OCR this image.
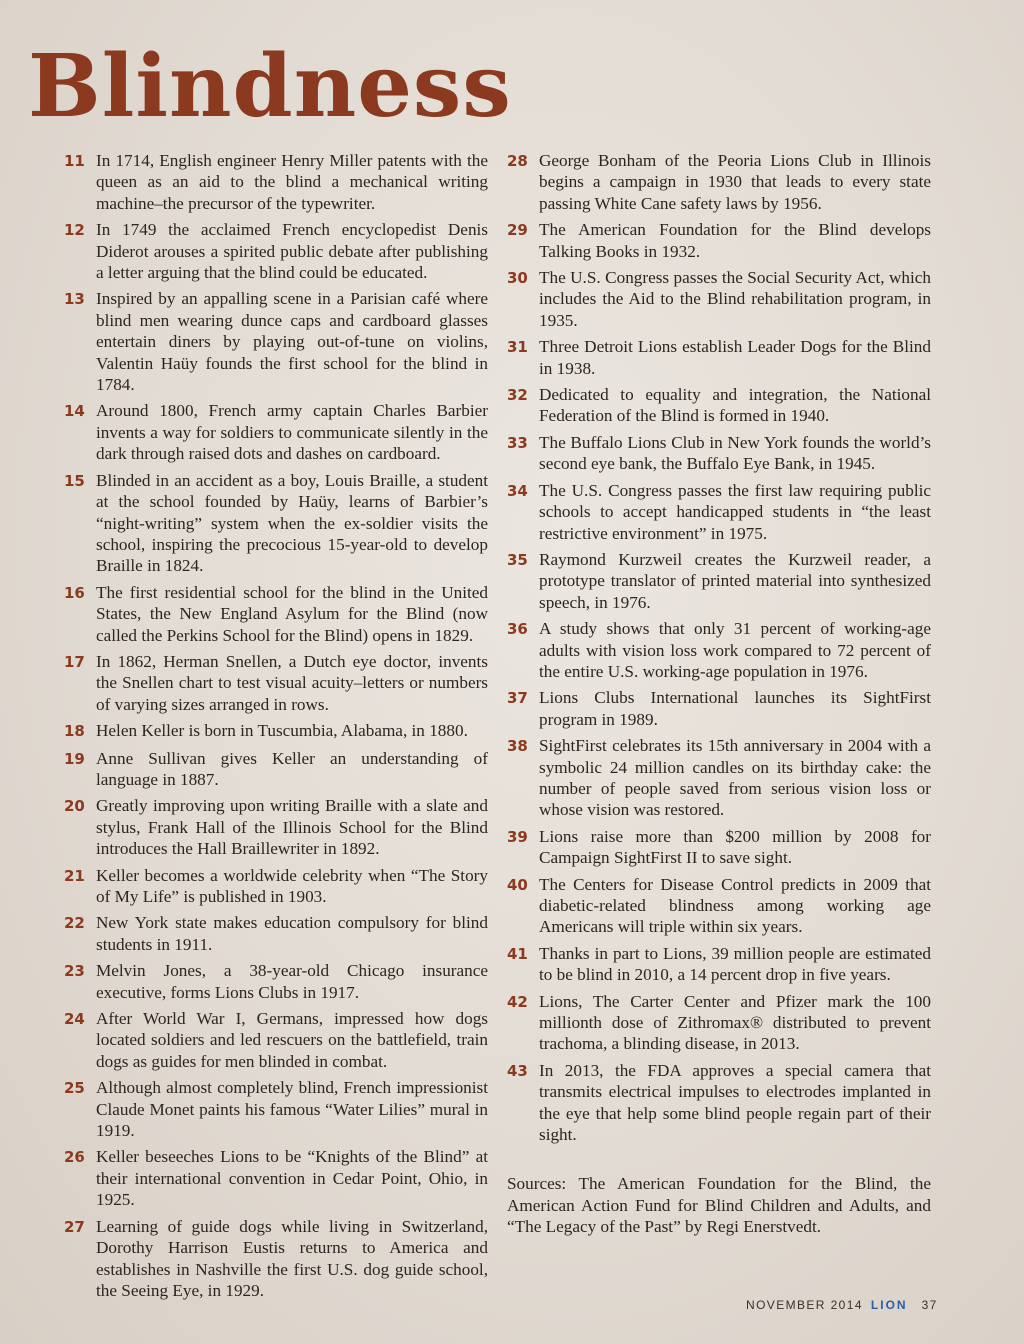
Blindness
11 In 1714, English engineer Henry Miller patents with the queen as an aid to the blind a mechanical writing machine–the precursor of the typewriter.
12 In 1749 the acclaimed French encyclopedist Denis Diderot arouses a spirited public debate after publishing a letter arguing that the blind could be educated.
13 Inspired by an appalling scene in a Parisian café where blind men wearing dunce caps and cardboard glasses entertain diners by playing out-of-tune on violins, Valentin Haüy founds the first school for the blind in 1784.
14 Around 1800, French army captain Charles Barbier invents a way for soldiers to communicate silently in the dark through raised dots and dashes on cardboard.
15 Blinded in an accident as a boy, Louis Braille, a student at the school founded by Haüy, learns of Barbier’s “night-writing” system when the ex-soldier visits the school, inspiring the precocious 15-year-old to develop Braille in 1824.
16 The first residential school for the blind in the United States, the New England Asylum for the Blind (now called the Perkins School for the Blind) opens in 1829.
17 In 1862, Herman Snellen, a Dutch eye doctor, invents the Snellen chart to test visual acuity–letters or numbers of varying sizes arranged in rows.
18 Helen Keller is born in Tuscumbia, Alabama, in 1880.
19 Anne Sullivan gives Keller an understanding of language in 1887.
20 Greatly improving upon writing Braille with a slate and stylus, Frank Hall of the Illinois School for the Blind introduces the Hall Braillewriter in 1892.
21 Keller becomes a worldwide celebrity when “The Story of My Life” is published in 1903.
22 New York state makes education compulsory for blind students in 1911.
23 Melvin Jones, a 38-year-old Chicago insurance executive, forms Lions Clubs in 1917.
24 After World War I, Germans, impressed how dogs located soldiers and led rescuers on the battlefield, train dogs as guides for men blinded in combat.
25 Although almost completely blind, French impressionist Claude Monet paints his famous “Water Lilies” mural in 1919.
26 Keller beseeches Lions to be “Knights of the Blind” at their international convention in Cedar Point, Ohio, in 1925.
27 Learning of guide dogs while living in Switzerland, Dorothy Harrison Eustis returns to America and establishes in Nashville the first U.S. dog guide school, the Seeing Eye, in 1929.
28 George Bonham of the Peoria Lions Club in Illinois begins a campaign in 1930 that leads to every state passing White Cane safety laws by 1956.
29 The American Foundation for the Blind develops Talking Books in 1932.
30 The U.S. Congress passes the Social Security Act, which includes the Aid to the Blind rehabilitation program, in 1935.
31 Three Detroit Lions establish Leader Dogs for the Blind in 1938.
32 Dedicated to equality and integration, the National Federation of the Blind is formed in 1940.
33 The Buffalo Lions Club in New York founds the world’s second eye bank, the Buffalo Eye Bank, in 1945.
34 The U.S. Congress passes the first law requiring public schools to accept handicapped students in “the least restrictive environment” in 1975.
35 Raymond Kurzweil creates the Kurzweil reader, a prototype translator of printed material into synthesized speech, in 1976.
36 A study shows that only 31 percent of working-age adults with vision loss work compared to 72 percent of the entire U.S. working-age population in 1976.
37 Lions Clubs International launches its SightFirst program in 1989.
38 SightFirst celebrates its 15th anniversary in 2004 with a symbolic 24 million candles on its birthday cake: the number of people saved from serious vision loss or whose vision was restored.
39 Lions raise more than $200 million by 2008 for Campaign SightFirst II to save sight.
40 The Centers for Disease Control predicts in 2009 that diabetic-related blindness among working age Americans will triple within six years.
41 Thanks in part to Lions, 39 million people are estimated to be blind in 2010, a 14 percent drop in five years.
42 Lions, The Carter Center and Pfizer mark the 100 millionth dose of Zithromax® distributed to prevent trachoma, a blinding disease, in 2013.
43 In 2013, the FDA approves a special camera that transmits electrical impulses to electrodes implanted in the eye that help some blind people regain part of their sight.

Sources: The American Foundation for the Blind, the American Action Fund for Blind Children and Adults, and “The Legacy of the Past” by Regi Enerstvedt.

NOVEMBER 2014 LION 37
